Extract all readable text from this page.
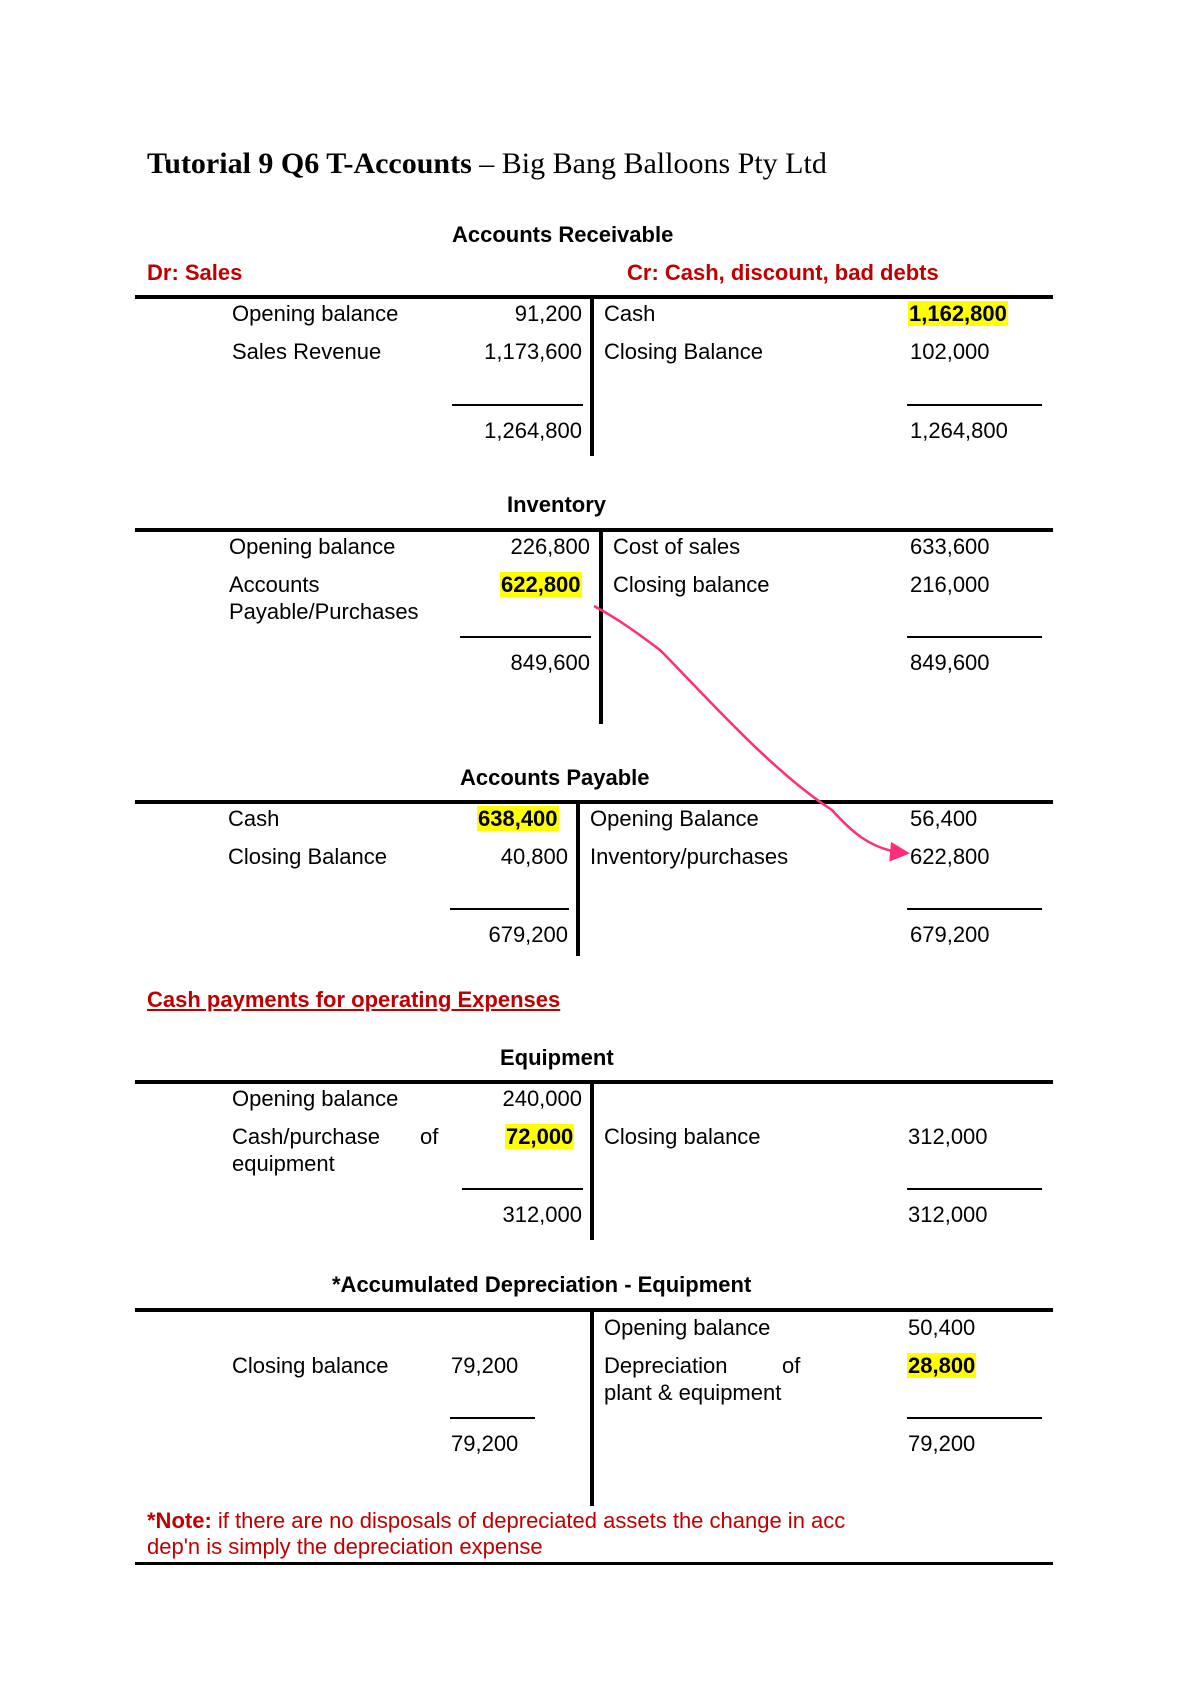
Tutorial 9 Q6 T-Accounts – Big Bang Balloons Pty Ltd
Accounts Receivable
Dr: Sales	Cr: Cash, discount, bad debts
Opening balance	91,200
Sales Revenue	1,173,600
1,264,800
Cash	1,162,800
Closing Balance	102,000
1,264,800
Inventory
Opening balance	226,800
Accounts
Payable/Purchases
622,800
849,600
Cost of sales	633,600
Closing balance	216,000
849,600
Accounts Payable
Cash	638,400
Closing Balance	40,800
679,200
Opening Balance	56,400
Inventory/purchases	622,800
679,200
Cash payments for operating Expenses
Equipment
Opening balance	240,000
Cash/purchase of
equipment
72,000
312,000
Closing balance	312,000
312,000
*Accumulated Depreciation - Equipment
Closing balance	79,200
79,200
Opening balance	50,400
Depreciation of
plant & equipment
28,800
79,200
*Note: if there are no disposals of depreciated assets the change in acc
dep'n is simply the depreciation expense
